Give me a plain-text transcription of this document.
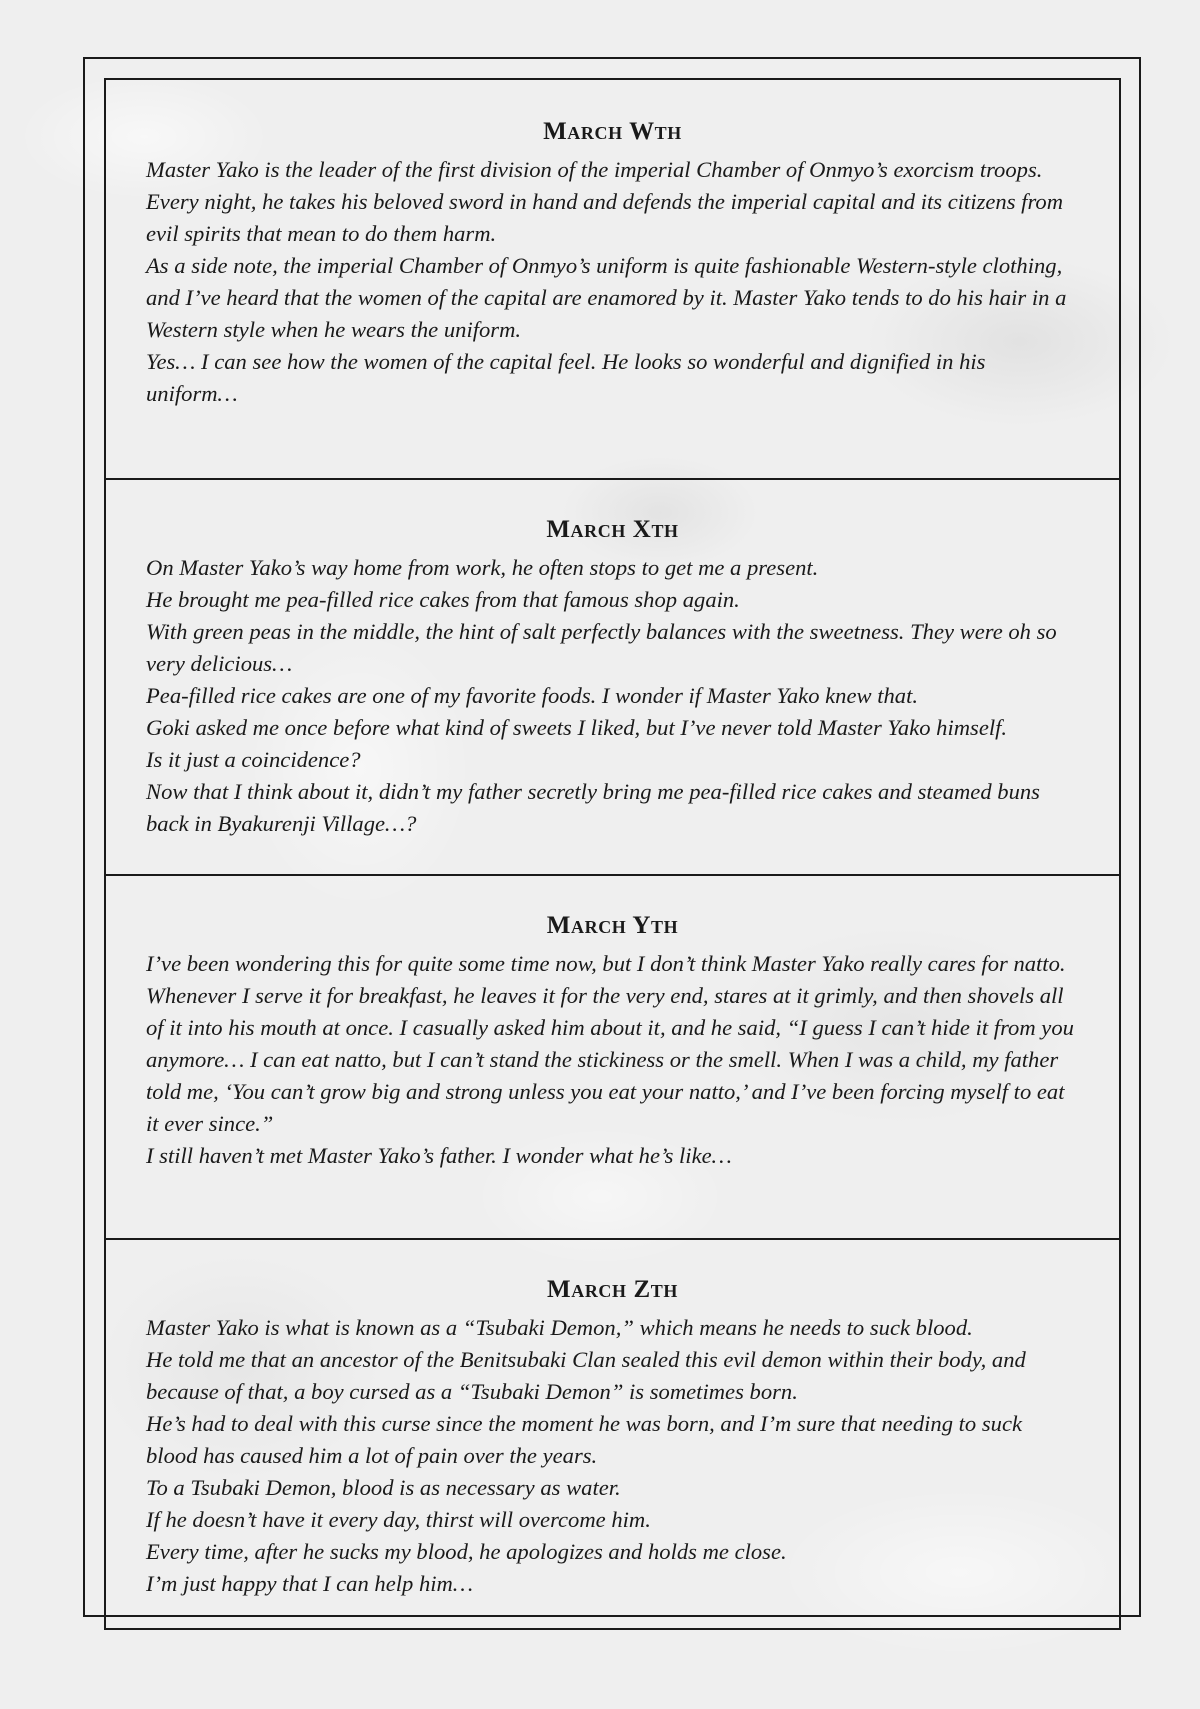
March Wth

Master Yako is the leader of the first division of the imperial Chamber of Onmyo’s exorcism troops.

Every night, he takes his beloved sword in hand and defends the imperial capital and its citizens from evil spirits that mean to do them harm.

As a side note, the imperial Chamber of Onmyo’s uniform is quite fashionable Western-style clothing, and I’ve heard that the women of the capital are enamored by it. Master Yako tends to do his hair in a Western style when he wears the uniform.

Yes… I can see how the women of the capital feel. He looks so wonderful and dignified in his uniform…

March Xth

On Master Yako’s way home from work, he often stops to get me a present.

He brought me pea-filled rice cakes from that famous shop again.

With green peas in the middle, the hint of salt perfectly balances with the sweetness. They were oh so very delicious…

Pea-filled rice cakes are one of my favorite foods. I wonder if Master Yako knew that.

Goki asked me once before what kind of sweets I liked, but I’ve never told Master Yako himself.

Is it just a coincidence?

Now that I think about it, didn’t my father secretly bring me pea-filled rice cakes and steamed buns back in Byakurenji Village…?

March Yth

I’ve been wondering this for quite some time now, but I don’t think Master Yako really cares for natto.

Whenever I serve it for breakfast, he leaves it for the very end, stares at it grimly, and then shovels all of it into his mouth at once. I casually asked him about it, and he said, “I guess I can’t hide it from you anymore… I can eat natto, but I can’t stand the stickiness or the smell. When I was a child, my father told me, ‘You can’t grow big and strong unless you eat your natto,’ and I’ve been forcing myself to eat it ever since.”

I still haven’t met Master Yako’s father. I wonder what he’s like…

March Zth

Master Yako is what is known as a “Tsubaki Demon,” which means he needs to suck blood.

He told me that an ancestor of the Benitsubaki Clan sealed this evil demon within their body, and because of that, a boy cursed as a “Tsubaki Demon” is sometimes born.

He’s had to deal with this curse since the moment he was born, and I’m sure that needing to suck blood has caused him a lot of pain over the years.

To a Tsubaki Demon, blood is as necessary as water.

If he doesn’t have it every day, thirst will overcome him.

Every time, after he sucks my blood, he apologizes and holds me close.

I’m just happy that I can help him…
